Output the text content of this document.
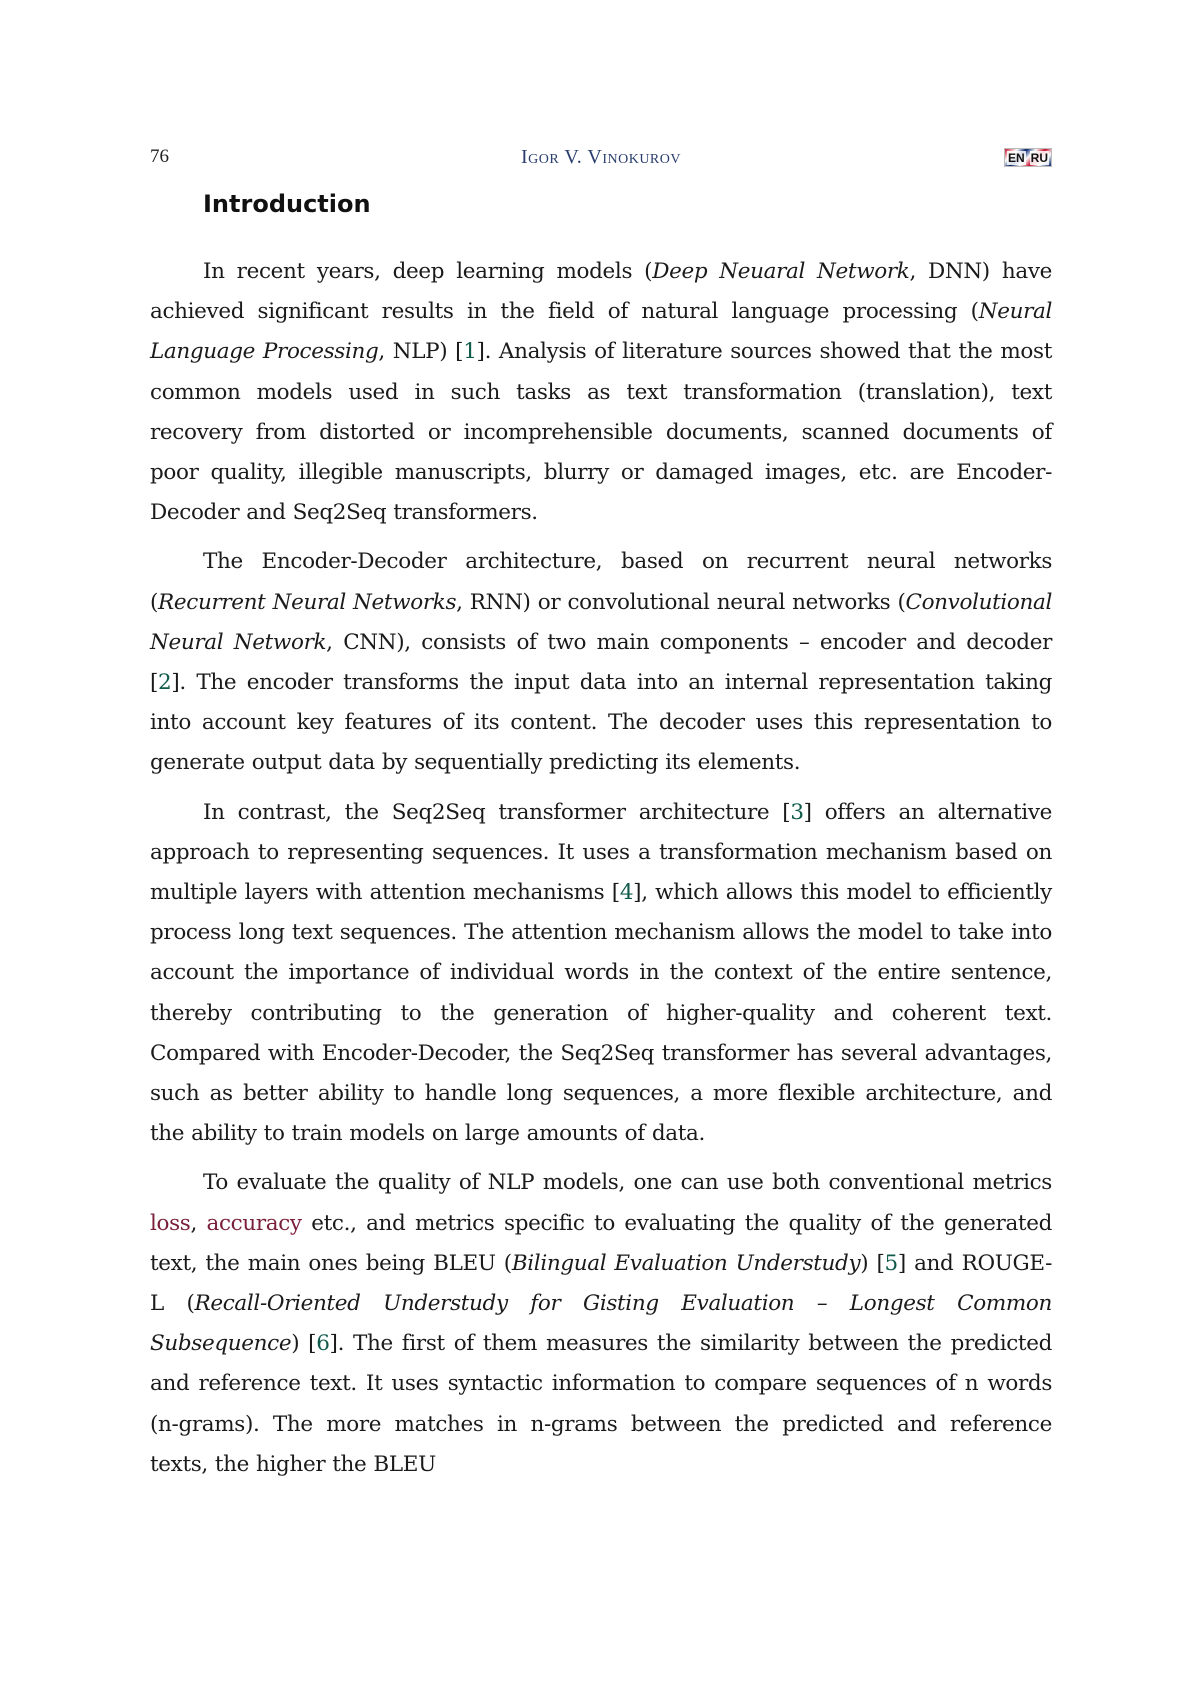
76	Igor V. Vinokurov	EN RU
Introduction

In recent years, deep learning models (Deep Neuaral Network, DNN) have achieved significant results in the field of natural language processing (Neural Language Processing, NLP) [1]. Analysis of literature sources showed that the most common models used in such tasks as text transformation (translation), text recovery from distorted or incomprehensible documents, scanned documents of poor quality, illegible manuscripts, blurry or damaged images, etc. are Encoder-Decoder and Seq2Seq transformers.

The Encoder-Decoder architecture, based on recurrent neural networks (Recurrent Neural Networks, RNN) or convolutional neural networks (Convolutional Neural Network, CNN), consists of two main components – encoder and decoder [2]. The encoder transforms the input data into an internal representation taking into account key features of its content. The decoder uses this representation to generate output data by sequentially predicting its elements.

In contrast, the Seq2Seq transformer architecture [3] offers an alternative approach to representing sequences. It uses a transformation mechanism based on multiple layers with attention mechanisms [4], which allows this model to efficiently process long text sequences. The attention mechanism allows the model to take into account the importance of individual words in the context of the entire sentence, thereby contributing to the generation of higher-quality and coherent text. Compared with Encoder-Decoder, the Seq2Seq transformer has several advantages, such as better ability to handle long sequences, a more flexible architecture, and the ability to train models on large amounts of data.

To evaluate the quality of NLP models, one can use both conventional metrics loss, accuracy etc., and metrics specific to evaluating the quality of the generated text, the main ones being BLEU (Bilingual Evaluation Understudy) [5] and ROUGE-L (Recall-Oriented Understudy for Gisting Evaluation – Longest Common Subsequence) [6]. The first of them measures the similarity between the predicted and reference text. It uses syntactic information to compare sequences of n words (n-grams). The more matches in n-grams between the predicted and reference texts, the higher the BLEU
